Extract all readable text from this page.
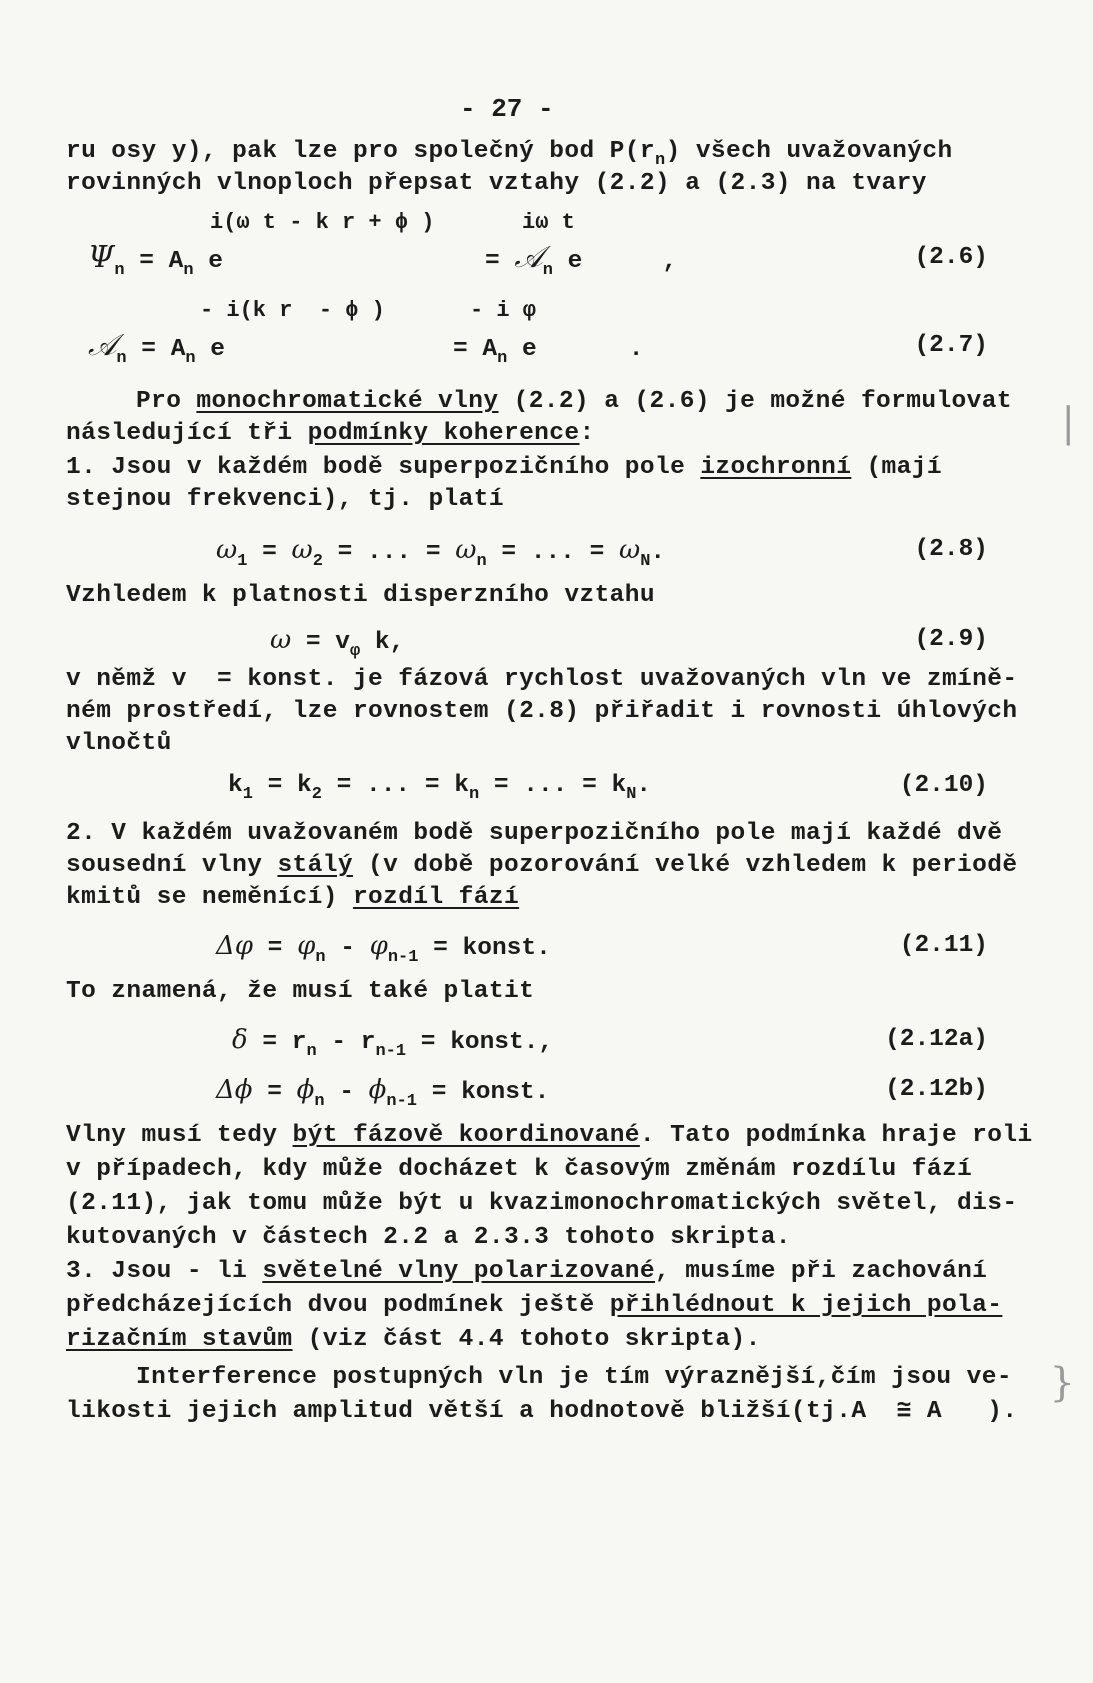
- 27 -
ru osy y), pak lze pro společný bod $P(r_n)$ všech uvažovaných
rovinných vlnoploch přepsat vztahy (2.2) a (2.3) na tvary
i(ω t - k r + ϕ )	iω t
$\Psi_n = A_n$ e	= 𝒜$_n$ e	,	(2.6)
- i(k r  - ϕ )	- i φ
𝒜$_n$ = $A_n$ e	= $A_n$ e	.	(2.7)
Pro monochromatické vlny (2.2) a (2.6) je možné formulovat
následující tři podmínky koherence:
1. Jsou v každém bodě superpozičního pole izochronní (mají
stejnou frekvenci), tj. platí
$\omega_1 = \omega_2$ = ... = $\omega_n$ = ... = $\omega_N$.	(2.8)
Vzhledem k platnosti disperzního vztahu
$\omega = v_\varphi$ k,	(2.9)
v němž v  = konst. je fázová rychlost uvažovaných vln ve zmíně-
ném prostředí, lze rovnostem (2.8) přiřadit i rovnosti úhlových
vlnočtů
$k_1 = k_2$ = ... = $k_n$ = ... = $k_N$.	(2.10)
2. V každém uvažovaném bodě superpozičního pole mají každé dvě
sousední vlny stálý (v době pozorování velké vzhledem k periodě
kmitů se neměnící) rozdíl fází
$\Delta\varphi = \varphi_n - \varphi_{n-1}$ = konst.	(2.11)
To znamená, že musí také platit
$\delta = r_n - r_{n-1}$ = konst.,	(2.12a)
$\Delta\phi = \phi_n - \phi_{n-1}$ = konst.	(2.12b)
Vlny musí tedy být fázově koordinované. Tato podmínka hraje roli
v případech, kdy může docházet k časovým změnám rozdílu fází
(2.11), jak tomu může být u kvazimonochromatických světel, dis-
kutovaných v částech 2.2 a 2.3.3 tohoto skripta.
3. Jsou - li světelné vlny polarizované, musíme při zachování
předcházejících dvou podmínek ještě přihlédnout k jejich pola-
rizačním stavům (viz část 4.4 tohoto skripta).
Interference postupných vln je tím výraznější,čím jsou ve-
likosti jejich amplitud větší a hodnotově bližší(tj.A  ≅ A   ).
|
}
